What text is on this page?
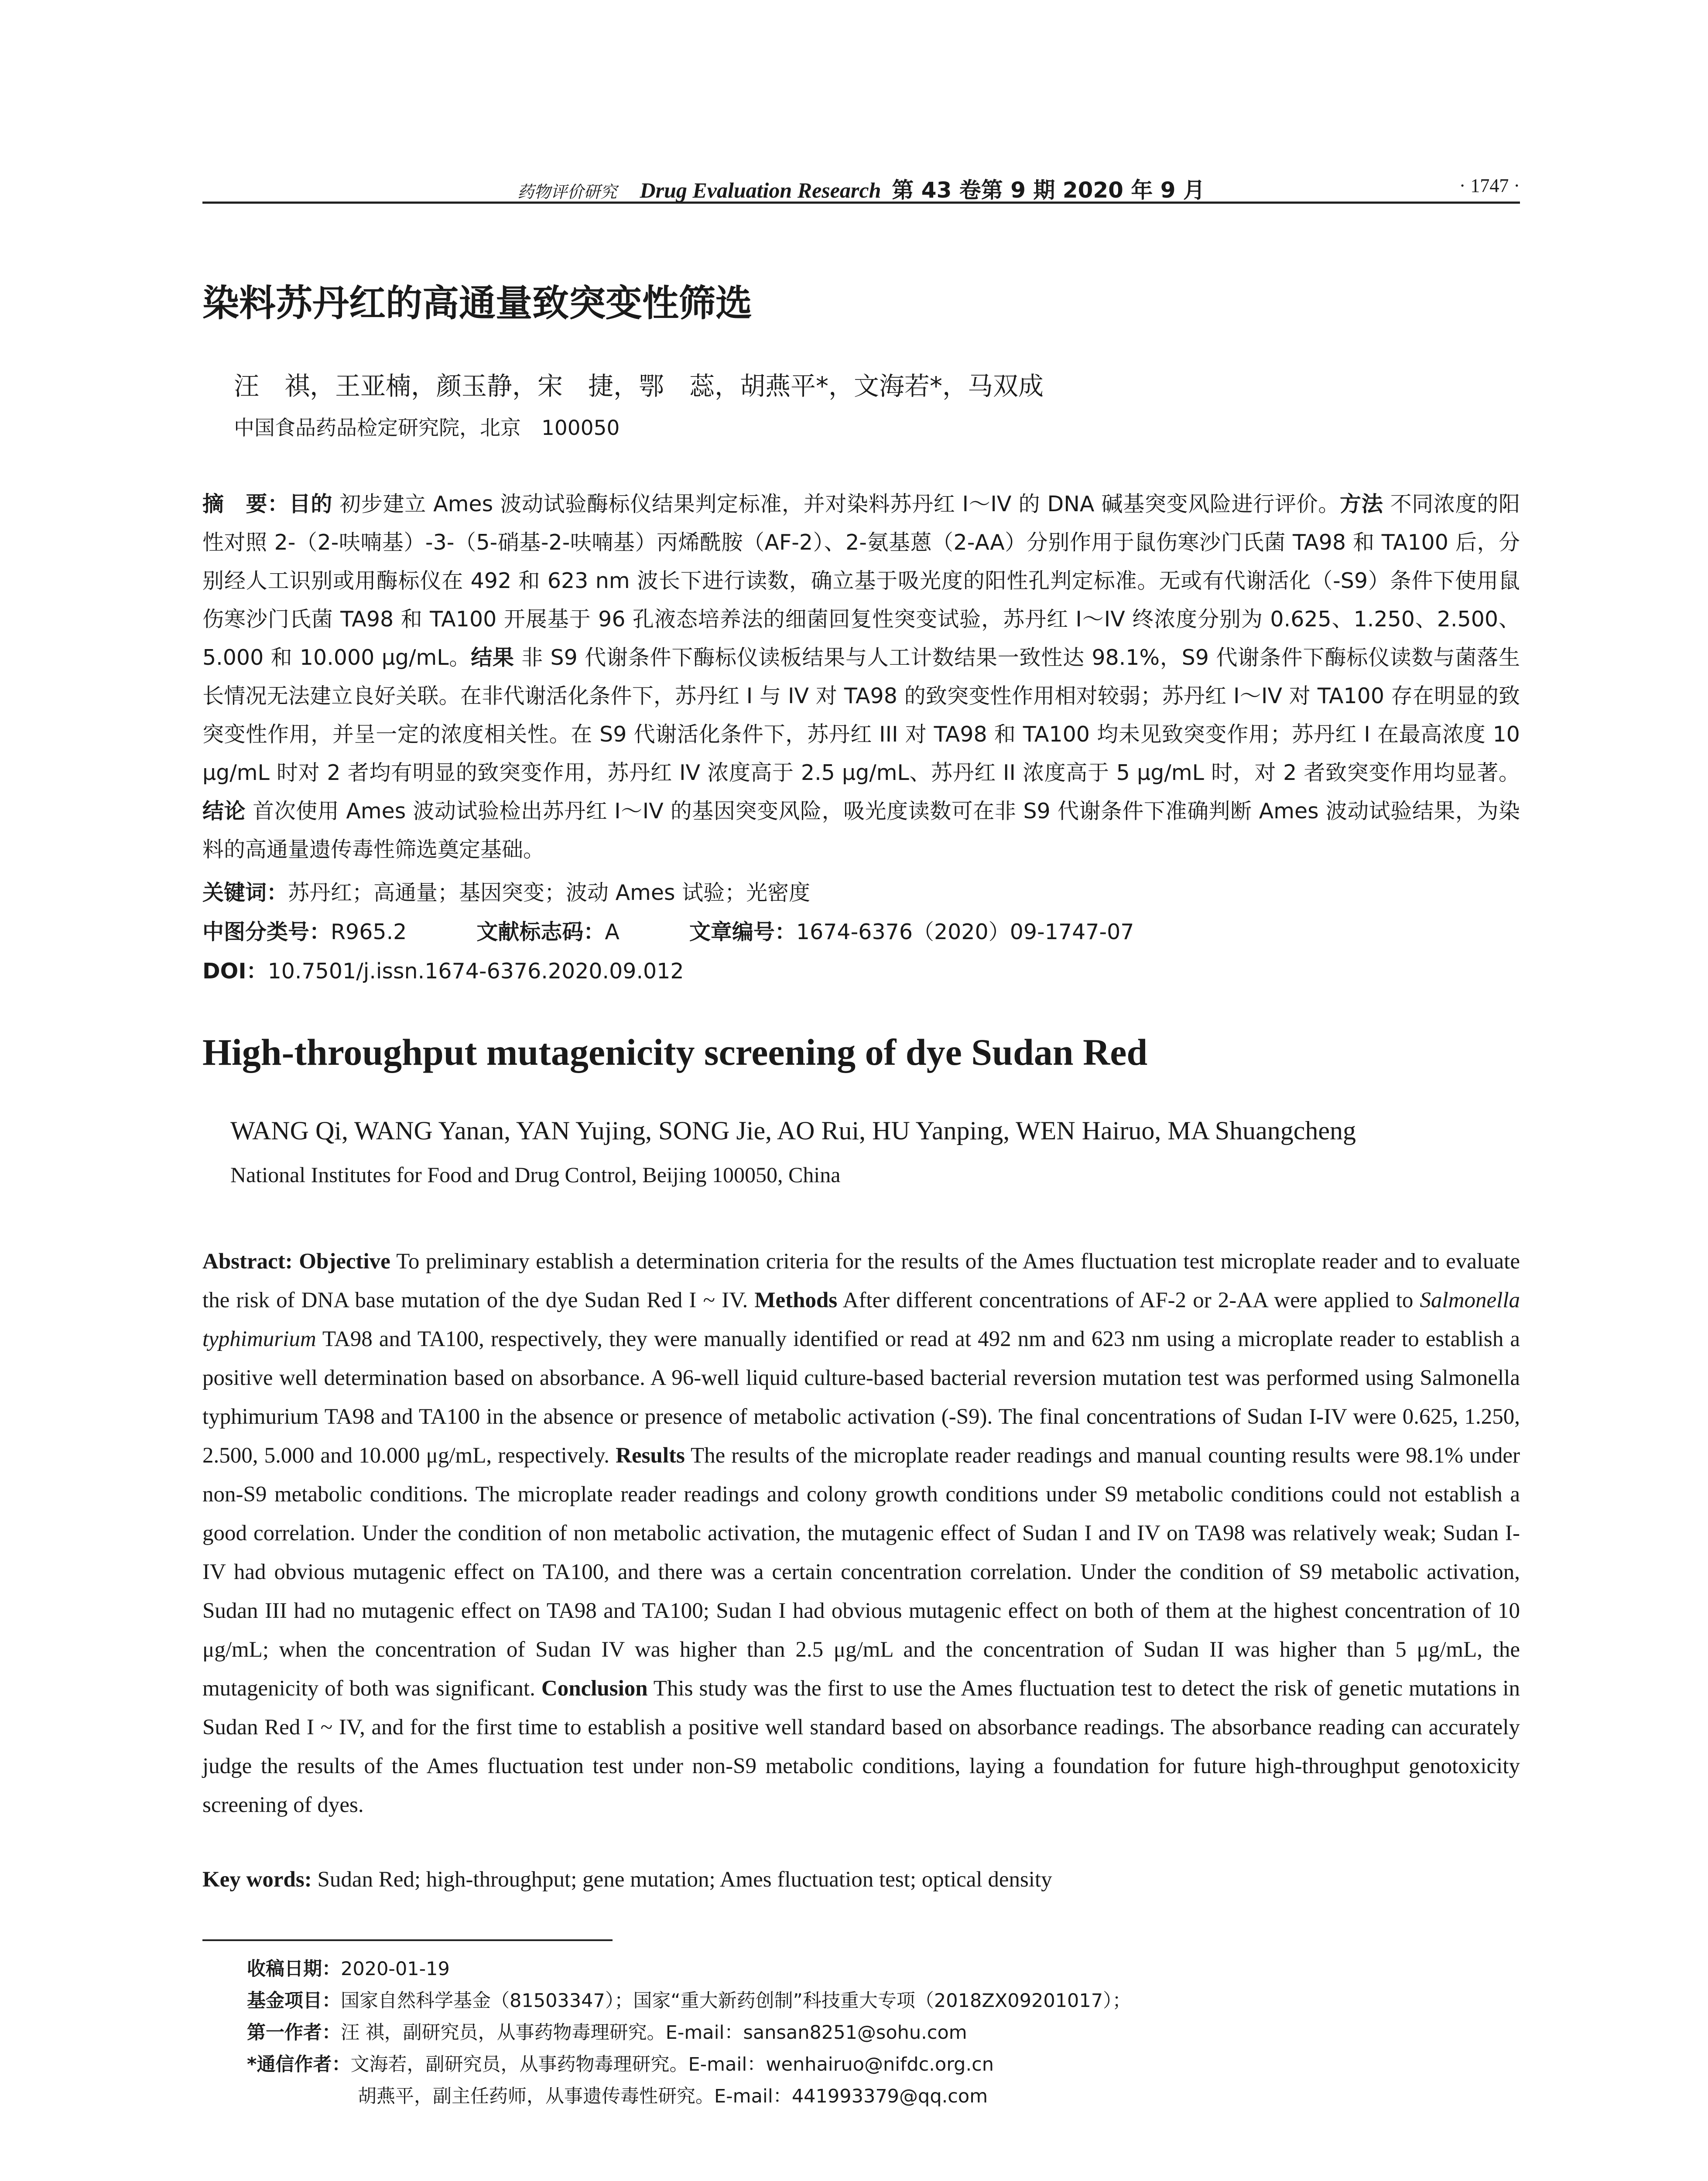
药物评价研究 Drug Evaluation Research 第 43 卷第 9 期 2020 年 9 月	· 1747 ·
染料苏丹红的高通量致突变性筛选
汪　祺，王亚楠，颜玉静，宋　捷，鄂　蕊，胡燕平*，文海若*，马双成
中国食品药品检定研究院，北京　100050
摘　要：目的 初步建立 Ames 波动试验酶标仪结果判定标准，并对染料苏丹红 I～IV 的 DNA 碱基突变风险进行评价。方法 不同浓度的阳性对照 2-（2-呋喃基）-3-（5-硝基-2-呋喃基）丙烯酰胺（AF-2）、2-氨基蒽（2-AA）分别作用于鼠伤寒沙门氏菌 TA98 和 TA100 后，分别经人工识别或用酶标仪在 492 和 623 nm 波长下进行读数，确立基于吸光度的阳性孔判定标准。无或有代谢活化（-S9）条件下使用鼠伤寒沙门氏菌 TA98 和 TA100 开展基于 96 孔液态培养法的细菌回复性突变试验，苏丹红 I～IV 终浓度分别为 0.625、1.250、2.500、5.000 和 10.000 μg/mL。结果 非 S9 代谢条件下酶标仪读板结果与人工计数结果一致性达 98.1%，S9 代谢条件下酶标仪读数与菌落生长情况无法建立良好关联。在非代谢活化条件下，苏丹红 I 与 IV 对 TA98 的致突变性作用相对较弱；苏丹红 I～IV 对 TA100 存在明显的致突变性作用，并呈一定的浓度相关性。在 S9 代谢活化条件下，苏丹红 III 对 TA98 和 TA100 均未见致突变作用；苏丹红 I 在最高浓度 10 μg/mL 时对 2 者均有明显的致突变作用，苏丹红 IV 浓度高于 2.5 μg/mL、苏丹红 II 浓度高于 5 μg/mL 时，对 2 者致突变作用均显著。结论 首次使用 Ames 波动试验检出苏丹红 I～IV 的基因突变风险，吸光度读数可在非 S9 代谢条件下准确判断 Ames 波动试验结果，为染料的高通量遗传毒性筛选奠定基础。
关键词：苏丹红；高通量；基因突变；波动 Ames 试验；光密度
中图分类号：R965.2	文献标志码：A	文章编号：1674-6376（2020）09-1747-07
DOI：10.7501/j.issn.1674-6376.2020.09.012
High-throughput mutagenicity screening of dye Sudan Red
WANG Qi, WANG Yanan, YAN Yujing, SONG Jie, AO Rui, HU Yanping, WEN Hairuo, MA Shuangcheng
National Institutes for Food and Drug Control, Beijing 100050, China
Abstract: Objective To preliminary establish a determination criteria for the results of the Ames fluctuation test microplate reader and to evaluate the risk of DNA base mutation of the dye Sudan Red I ~ IV. Methods After different concentrations of AF-2 or 2-AA were applied to Salmonella typhimurium TA98 and TA100, respectively, they were manually identified or read at 492 nm and 623 nm using a microplate reader to establish a positive well determination based on absorbance. A 96-well liquid culture-based bacterial reversion mutation test was performed using Salmonella typhimurium TA98 and TA100 in the absence or presence of metabolic activation (-S9). The final concentrations of Sudan I-IV were 0.625, 1.250, 2.500, 5.000 and 10.000 μg/mL, respectively. Results The results of the microplate reader readings and manual counting results were 98.1% under non-S9 metabolic conditions. The microplate reader readings and colony growth conditions under S9 metabolic conditions could not establish a good correlation. Under the condition of non metabolic activation, the mutagenic effect of Sudan I and IV on TA98 was relatively weak; Sudan I-IV had obvious mutagenic effect on TA100, and there was a certain concentration correlation. Under the condition of S9 metabolic activation, Sudan III had no mutagenic effect on TA98 and TA100; Sudan I had obvious mutagenic effect on both of them at the highest concentration of 10 μg/mL; when the concentration of Sudan IV was higher than 2.5 μg/mL and the concentration of Sudan II was higher than 5 μg/mL, the mutagenicity of both was significant. Conclusion This study was the first to use the Ames fluctuation test to detect the risk of genetic mutations in Sudan Red I ~ IV, and for the first time to establish a positive well standard based on absorbance readings. The absorbance reading can accurately judge the results of the Ames fluctuation test under non-S9 metabolic conditions, laying a foundation for future high-throughput genotoxicity screening of dyes.
Key words: Sudan Red; high-throughput; gene mutation; Ames fluctuation test; optical density
收稿日期：2020-01-19
基金项目：国家自然科学基金（81503347）；国家“重大新药创制”科技重大专项（2018ZX09201017）；
第一作者：汪 祺，副研究员，从事药物毒理研究。E-mail：sansan8251@sohu.com
*通信作者：文海若，副研究员，从事药物毒理研究。E-mail：wenhairuo@nifdc.org.cn
胡燕平，副主任药师，从事遗传毒性研究。E-mail：441993379@qq.com
